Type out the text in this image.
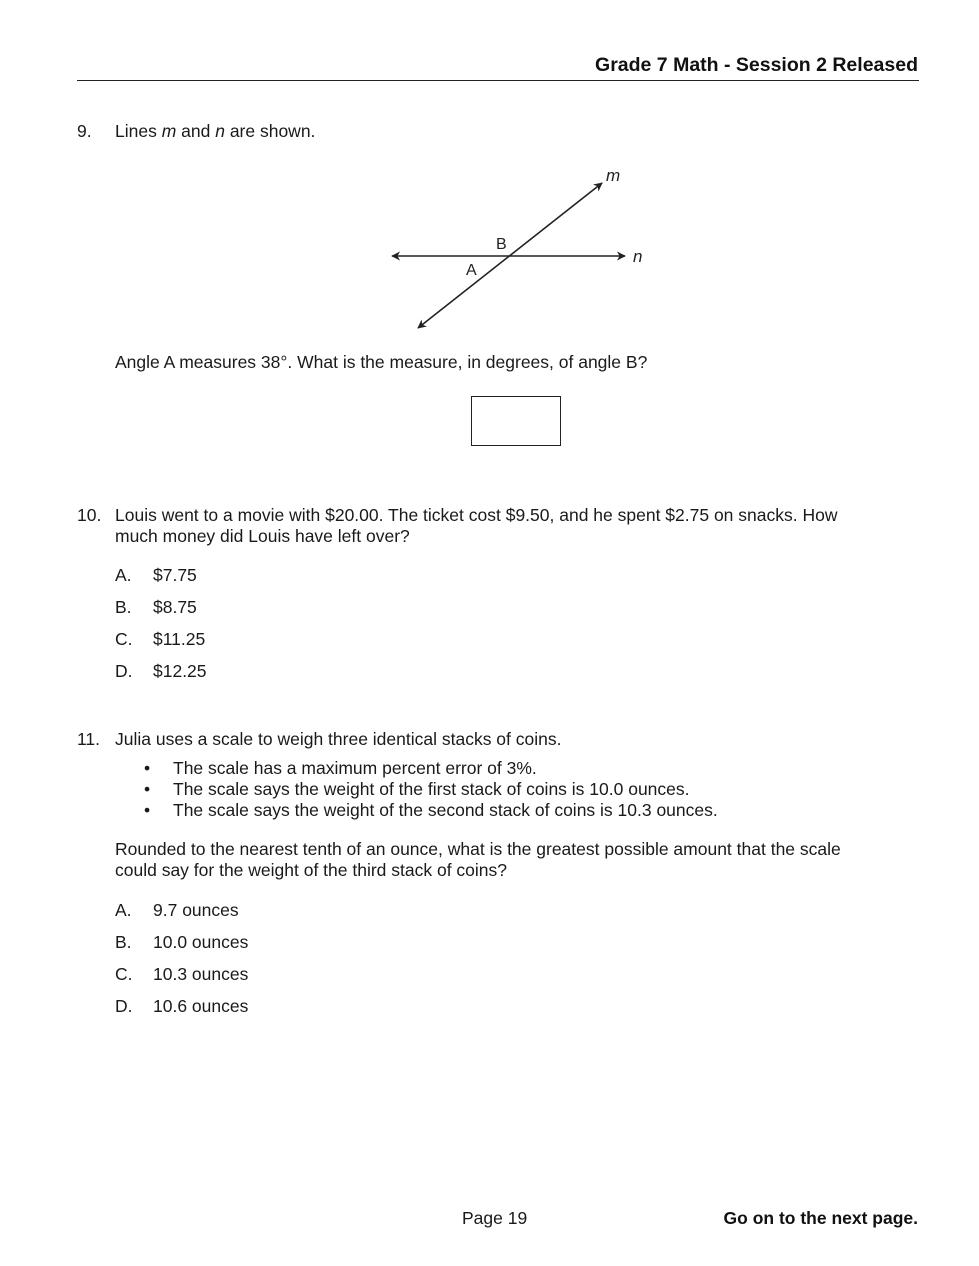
Grade 7 Math - Session 2 Released
9. Lines m and n are shown.
m
n
B
A
Angle A measures 38°. What is the measure, in degrees, of angle B?
10. Louis went to a movie with $20.00. The ticket cost $9.50, and he spent $2.75 on snacks. How
much money did Louis have left over?
A. $7.75
B. $8.75
C. $11.25
D. $12.25
11. Julia uses a scale to weigh three identical stacks of coins.
• The scale has a maximum percent error of 3%.
• The scale says the weight of the first stack of coins is 10.0 ounces.
• The scale says the weight of the second stack of coins is 10.3 ounces.
Rounded to the nearest tenth of an ounce, what is the greatest possible amount that the scale
could say for the weight of the third stack of coins?
A. 9.7 ounces
B. 10.0 ounces
C. 10.3 ounces
D. 10.6 ounces
Page 19	Go on to the next page.
